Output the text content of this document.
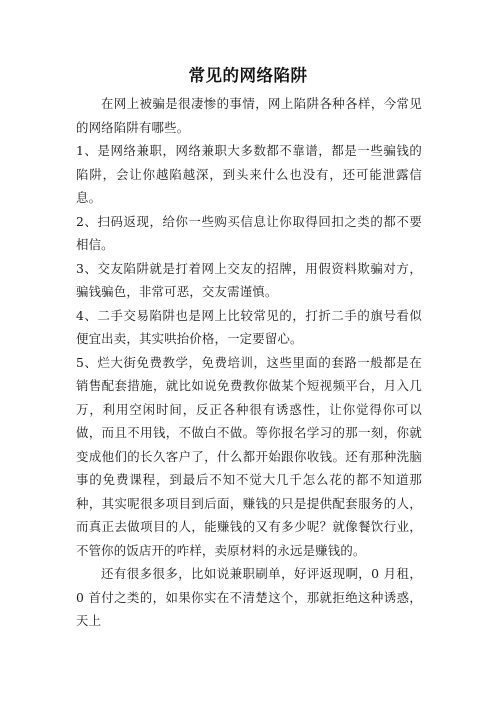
常见的网络陷阱

在网上被骗是很凄惨的事情，网上陷阱各种各样，今常见的网络陷阱有哪些。

1、是网络兼职，网络兼职大多数都不靠谱，都是一些骗钱的陷阱，会让你越陷越深，到头来什么也没有，还可能泄露信息。

2、扫码返现，给你一些购买信息让你取得回扣之类的都不要相信。

3、交友陷阱就是打着网上交友的招牌，用假资料欺骗对方，骗钱骗色，非常可恶，交友需谨慎。

4、二手交易陷阱也是网上比较常见的，打折二手的旗号看似便宜出卖，其实哄抬价格，一定要留心。

5、烂大街免费教学，免费培训，这些里面的套路一般都是在销售配套措施，就比如说免费教你做某个短视频平台，月入几万，利用空闲时间，反正各种很有诱惑性，让你觉得你可以做，而且不用钱，不做白不做。等你报名学习的那一刻，你就变成他们的长久客户了，什么都开始跟你收钱。还有那种洗脑事的免费课程，到最后不知不觉大几千怎么花的都不知道那种，其实呢很多项目到后面，赚钱的只是提供配套服务的人，而真正去做项目的人，能赚钱的又有多少呢？就像餐饮行业，不管你的饭店开的咋样，卖原材料的永远是赚钱的。

还有很多很多，比如说兼职刷单，好评返现啊，0 月租，0 首付之类的，如果你实在不清楚这个，那就拒绝这种诱惑，天上
